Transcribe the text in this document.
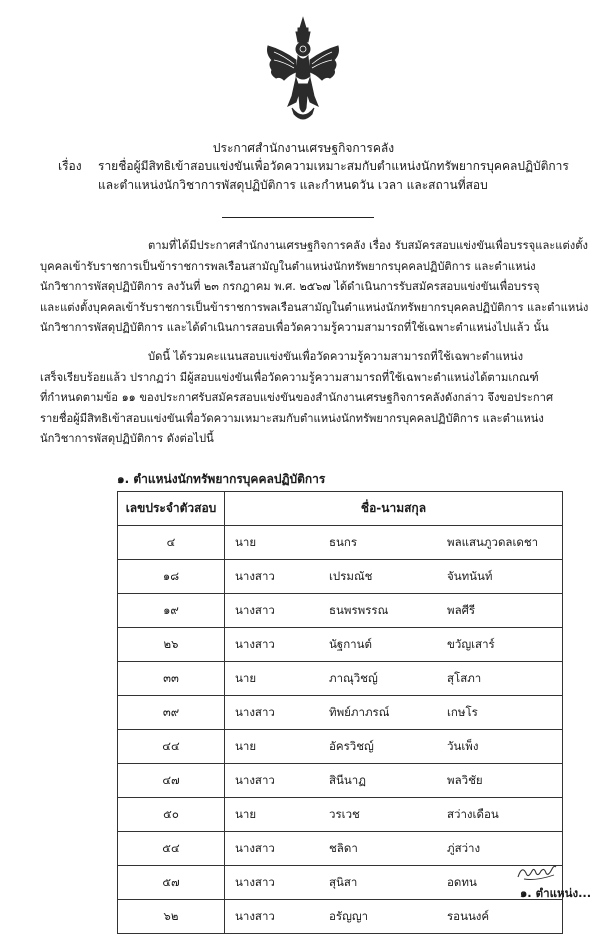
ประกาศสำนักงานเศรษฐกิจการคลัง
เรื่อง รายชื่อผู้มีสิทธิเข้าสอบแข่งขันเพื่อวัดความเหมาะสมกับตำแหน่งนักทรัพยากรบุคคลปฏิบัติการ
และตำแหน่งนักวิชาการพัสดุปฏิบัติการ และกำหนดวัน เวลา และสถานที่สอบ
ตามที่ได้มีประกาศสำนักงานเศรษฐกิจการคลัง เรื่อง รับสมัครสอบแข่งขันเพื่อบรรจุและแต่งตั้ง
บุคคลเข้ารับราชการเป็นข้าราชการพลเรือนสามัญในตำแหน่งนักทรัพยากรบุคคลปฏิบัติการ และตำแหน่ง
นักวิชาการพัสดุปฏิบัติการ ลงวันที่ ๒๓ กรกฎาคม พ.ศ. ๒๕๖๗ ได้ดำเนินการรับสมัครสอบแข่งขันเพื่อบรรจุ
และแต่งตั้งบุคคลเข้ารับราชการเป็นข้าราชการพลเรือนสามัญในตำแหน่งนักทรัพยากรบุคคลปฏิบัติการ และตำแหน่ง
นักวิชาการพัสดุปฏิบัติการ และได้ดำเนินการสอบเพื่อวัดความรู้ความสามารถที่ใช้เฉพาะตำแหน่งไปแล้ว นั้น
บัดนี้ ได้รวมคะแนนสอบแข่งขันเพื่อวัดความรู้ความสามารถที่ใช้เฉพาะตำแหน่ง
เสร็จเรียบร้อยแล้ว ปรากฏว่า มีผู้สอบแข่งขันเพื่อวัดความรู้ความสามารถที่ใช้เฉพาะตำแหน่งได้ตามเกณฑ์
ที่กำหนดตามข้อ ๑๑ ของประกาศรับสมัครสอบแข่งขันของสำนักงานเศรษฐกิจการคลังดังกล่าว จึงขอประกาศ
รายชื่อผู้มีสิทธิเข้าสอบแข่งขันเพื่อวัดความเหมาะสมกับตำแหน่งนักทรัพยากรบุคคลปฏิบัติการ และตำแหน่ง
นักวิชาการพัสดุปฏิบัติการ ดังต่อไปนี้
๑. ตำแหน่งนักทรัพยากรบุคคลปฏิบัติการ
เลขประจำตัวสอบ	ชื่อ-นามสกุล		
๔	นาย	ธนกร	พลแสนภูวดลเดชา
๑๘	นางสาว	เปรมณัช	จันทนันท์
๑๙	นางสาว	ธนพรพรรณ	พลศีรี
๒๖	นางสาว	นัฐกานต์	ขวัญเสาร์
๓๓	นาย	ภาณุวิชญ์	สุโสภา
๓๙	นางสาว	ทิพย์ภาภรณ์	เกษโร
๔๔	นาย	อัครวิชญ์	วันเพ็ง
๔๗	นางสาว	สินีนาฏ	พลวิชัย
๕๐	นาย	วรเวช	สว่างเดือน
๕๔	นางสาว	ชลิดา	ภู่สว่าง
๕๗	นางสาว	สุนิสา	อดทน
๖๒	นางสาว	อรัญญา	รอนนงค์
๑. ตำแหน่ง...
